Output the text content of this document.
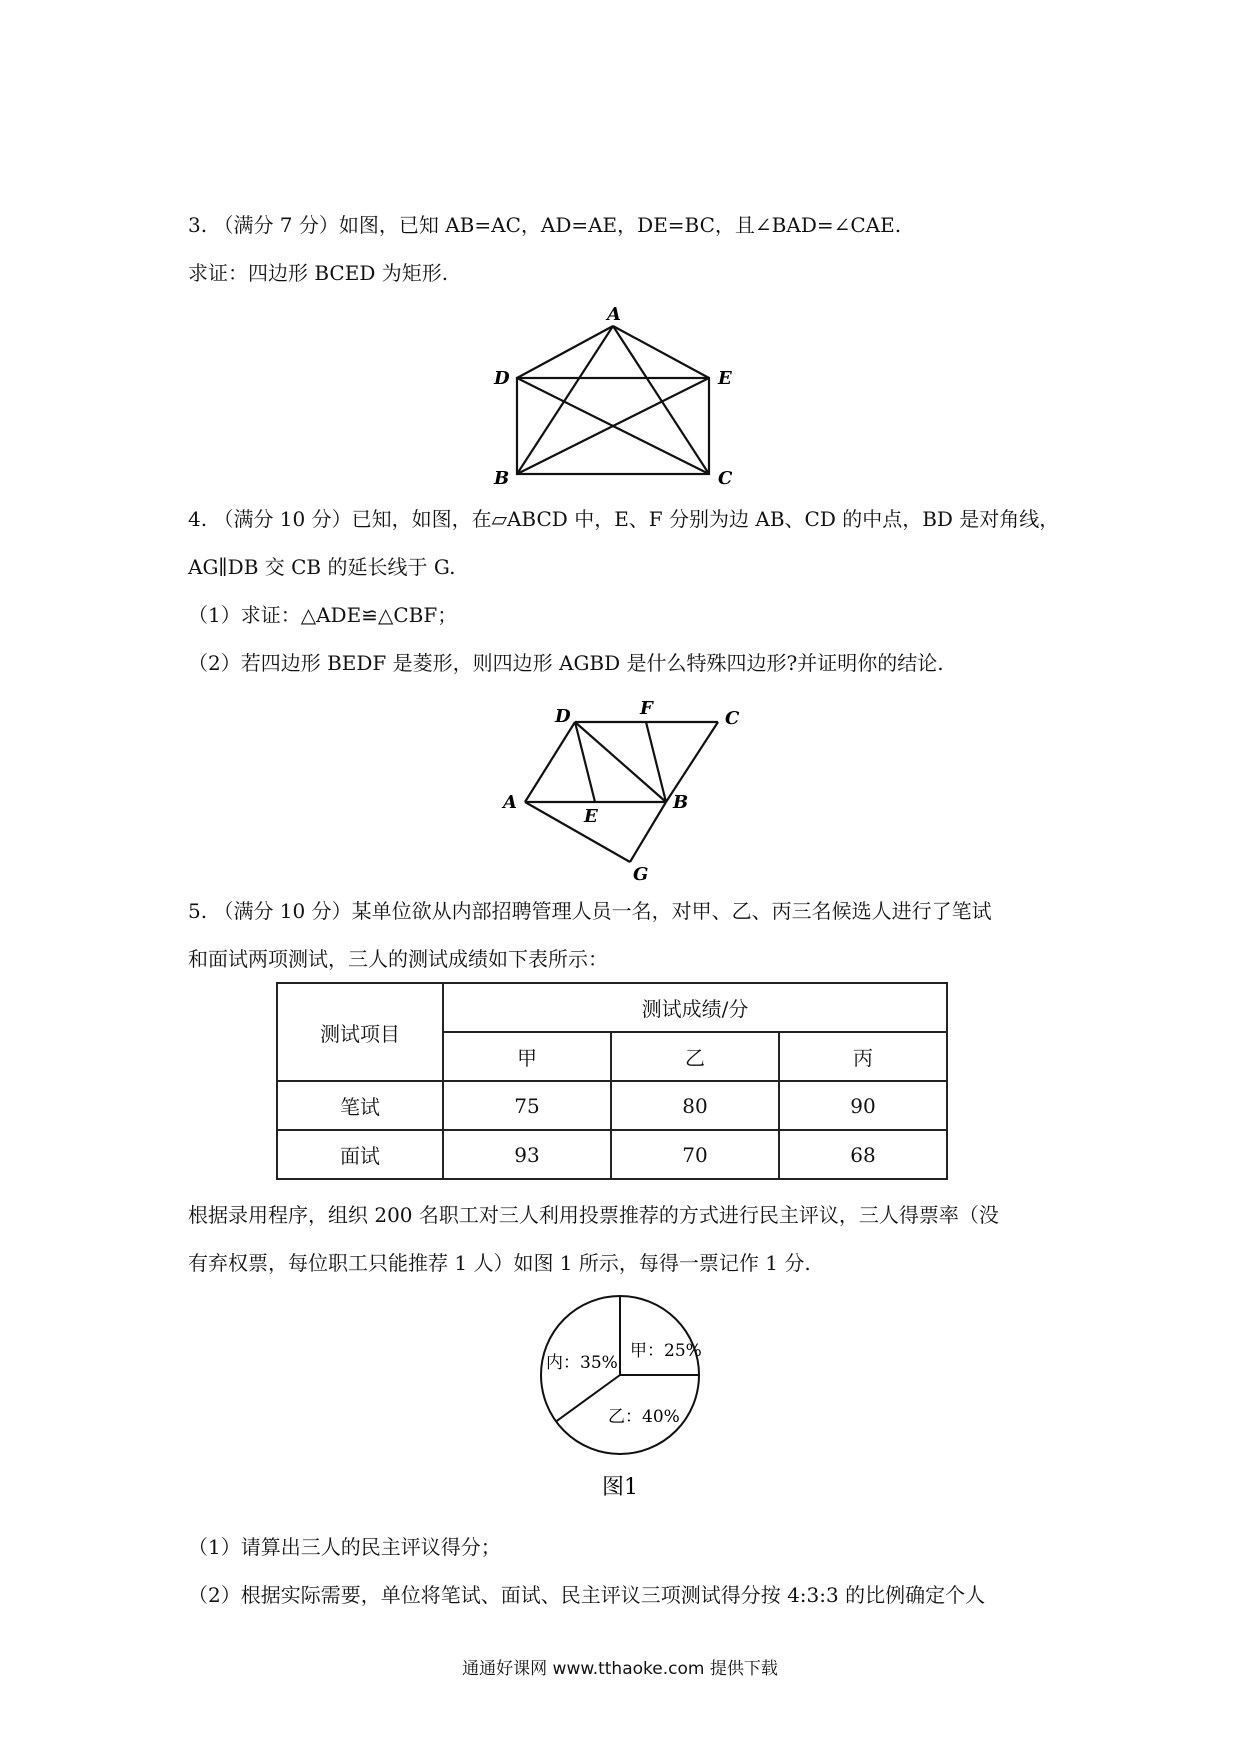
3. （满分 7 分）如图，已知 AB=AC，AD=AE，DE=BC，且∠BAD=∠CAE.
求证：四边形 BCED 为矩形.
A
D	E
B	C
4. （满分 10 分）已知，如图，在▱ABCD 中，E、F 分别为边 AB、CD 的中点，BD 是对角线，
AG∥DB 交 CB 的延长线于 G.
（1）求证：△ADE≌△CBF；
（2）若四边形 BEDF 是菱形，则四边形 AGBD 是什么特殊四边形?并证明你的结论.
D	F	C
A
E
B
G
5. （满分 10 分）某单位欲从内部招聘管理人员一名，对甲、乙、丙三名候选人进行了笔试
和面试两项测试，三人的测试成绩如下表所示：
测试项目	测试成绩/分		
	甲	乙	丙
笔试	75	80	90
面试	93	70	68
根据录用程序，组织 200 名职工对三人利用投票推荐的方式进行民主评议，三人得票率（没
有弃权票，每位职工只能推荐 1 人）如图 1 所示，每得一票记作 1 分.
甲：25%
乙：40%
内：35%
图1
（1）请算出三人的民主评议得分；
（2）根据实际需要，单位将笔试、面试、民主评议三项测试得分按 4:3:3 的比例确定个人
通通好课网 www.tthaoke.com 提供下载
